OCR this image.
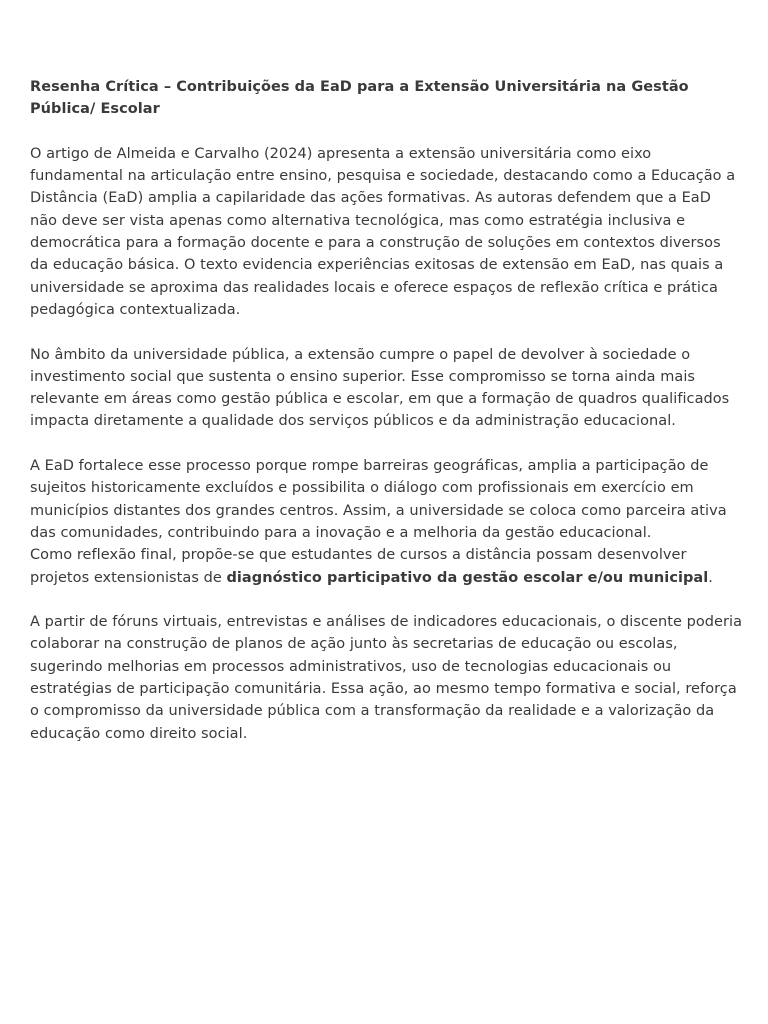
Resenha Crítica – Contribuições da EaD para a Extensão Universitária na Gestão Pública/ Escolar

O artigo de Almeida e Carvalho (2024) apresenta a extensão universitária como eixo fundamental na articulação entre ensino, pesquisa e sociedade, destacando como a Educação a Distância (EaD) amplia a capilaridade das ações formativas. As autoras defendem que a EaD não deve ser vista apenas como alternativa tecnológica, mas como estratégia inclusiva e democrática para a formação docente e para a construção de soluções em contextos diversos da educação básica. O texto evidencia experiências exitosas de extensão em EaD, nas quais a universidade se aproxima das realidades locais e oferece espaços de reflexão crítica e prática pedagógica contextualizada.

No âmbito da universidade pública, a extensão cumpre o papel de devolver à sociedade o investimento social que sustenta o ensino superior. Esse compromisso se torna ainda mais relevante em áreas como gestão pública e escolar, em que a formação de quadros qualificados impacta diretamente a qualidade dos serviços públicos e da administração educacional.

A EaD fortalece esse processo porque rompe barreiras geográficas, amplia a participação de sujeitos historicamente excluídos e possibilita o diálogo com profissionais em exercício em municípios distantes dos grandes centros. Assim, a universidade se coloca como parceira ativa das comunidades, contribuindo para a inovação e a melhoria da gestão educacional.

Como reflexão final, propõe-se que estudantes de cursos a distância possam desenvolver projetos extensionistas de diagnóstico participativo da gestão escolar e/ou municipal.

A partir de fóruns virtuais, entrevistas e análises de indicadores educacionais, o discente poderia colaborar na construção de planos de ação junto às secretarias de educação ou escolas, sugerindo melhorias em processos administrativos, uso de tecnologias educacionais ou estratégias de participação comunitária. Essa ação, ao mesmo tempo formativa e social, reforça o compromisso da universidade pública com a transformação da realidade e a valorização da educação como direito social.
